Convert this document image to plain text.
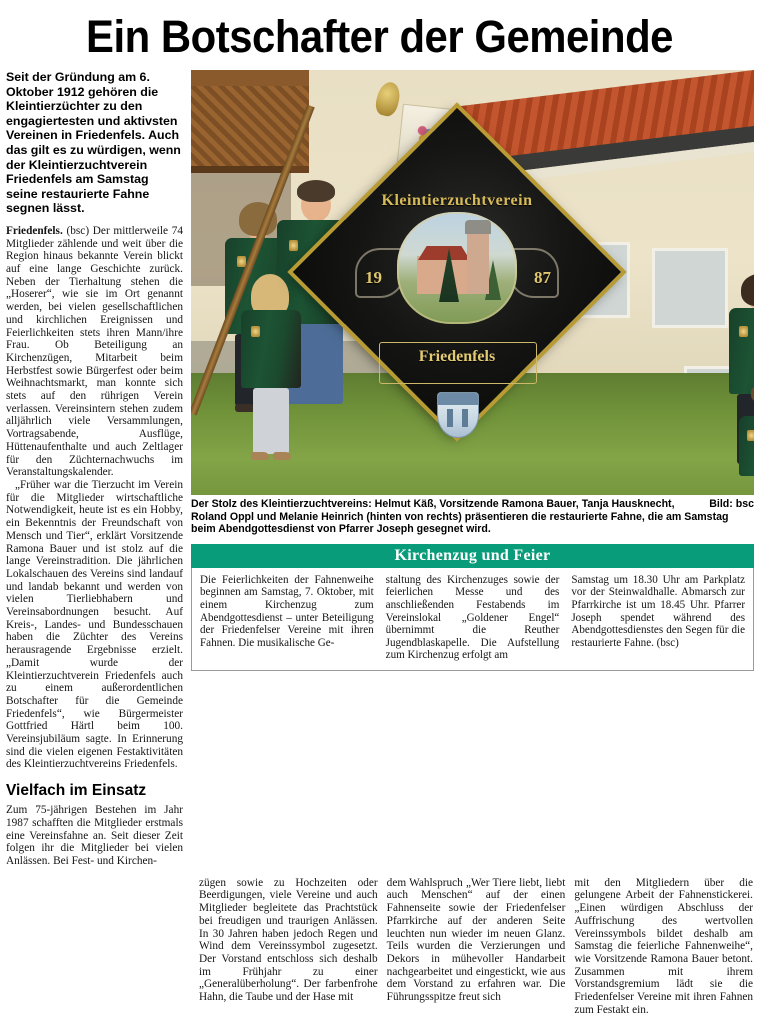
Ein Botschafter der Gemeinde

Seit der Gründung am 6. Oktober 1912 gehören die Kleintierzüchter zu den engagiertesten und aktivsten Vereinen in Friedenfels. Auch das gilt es zu würdigen, wenn der Kleintierzuchtverein Friedenfels am Samstag seine restaurierte Fahne segnen lässt.

Friedenfels. (bsc) Der mittlerweile 74 Mitglieder zählende und weit über die Region hinaus bekannte Verein blickt auf eine lange Geschichte zurück. Neben der Tierhaltung stehen die „Hoserer“, wie sie im Ort genannt werden, bei vielen gesellschaftlichen und kirchlichen Ereignissen und Feierlichkeiten stets ihren Mann/ihre Frau. Ob Beteiligung an Kirchenzügen, Mitarbeit beim Herbstfest sowie Bürgerfest oder beim Weihnachtsmarkt, man konnte sich stets auf den rührigen Verein verlassen. Vereinsintern stehen zudem alljährlich viele Versammlungen, Vortragsabende, Ausflüge, Hüttenaufenthalte und auch Zeltlager für den Züchternachwuchs im Veranstaltungskalender.

„Früher war die Tierzucht im Verein für die Mitglieder wirtschaftliche Notwendigkeit, heute ist es ein Hobby, ein Bekenntnis der Freundschaft von Mensch und Tier“, erklärt Vorsitzende Ramona Bauer und ist stolz auf die lange Vereinstradition. Die jährlichen Lokalschauen des Vereins sind landauf und landab bekannt und werden von vielen Tierliebhabern und Vereinsabordnungen besucht. Auf Kreis-, Landes- und Bundesschauen haben die Züchter des Vereins herausragende Ergebnisse erzielt. „Damit wurde der Kleintierzuchtverein Friedenfels auch zu einem außerordentlichen Botschafter für die Gemeinde Friedenfels“, wie Bürgermeister Gottfried Härtl beim 100. Vereinsjubiläum sagte. In Erinnerung sind die vielen eigenen Festaktivitäten des Kleintierzuchtvereins Friedenfels.

Vielfach im Einsatz

Zum 75-jährigen Bestehen im Jahr 1987 schafften die Mitglieder erstmals eine Vereinsfahne an. Seit dieser Zeit folgen ihr die Mitglieder bei vielen Anlässen. Bei Fest- und Kirchen-

Kleintierzuchtverein
19	87
Friedenfels
Bild: bsc
Der Stolz des Kleintierzuchtvereins: Helmut Käß, Vorsitzende Ramona Bauer, Tanja Hausknecht, Roland Oppl und Melanie Heinrich (hinten von rechts) präsentieren die restaurierte Fahne, die am Samstag beim Abendgottesdienst von Pfarrer Joseph gesegnet wird.
Kirchenzug und Feier

Die Feierlichkeiten der Fahnenweihe beginnen am Samstag, 7. Oktober, mit einem Kirchenzug zum Abendgottesdienst – unter Beteiligung der Friedenfelser Vereine mit ihren Fahnen. Die musikalische Ge-

staltung des Kirchenzuges sowie der feierlichen Messe und des anschließenden Festabends im Vereinslokal „Goldener Engel“ übernimmt die Reuther Jugendblaskapelle. Die Aufstellung zum Kirchenzug erfolgt am

Samstag um 18.30 Uhr am Parkplatz vor der Steinwaldhalle. Abmarsch zur Pfarrkirche ist um 18.45 Uhr. Pfarrer Joseph spendet während des Abendgottesdienstes den Segen für die restaurierte Fahne. (bsc)

zügen sowie zu Hochzeiten oder Beerdigungen, viele Vereine und auch Mitglieder begleitete das Prachtstück bei freudigen und traurigen Anlässen. In 30 Jahren haben jedoch Regen und Wind dem Vereinssymbol zugesetzt. Der Vorstand entschloss sich deshalb im Frühjahr zu einer „Generalüberholung“. Der farbenfrohe Hahn, die Taube und der Hase mit

dem Wahlspruch „Wer Tiere liebt, liebt auch Menschen“ auf der einen Fahnenseite sowie der Friedenfelser Pfarrkirche auf der anderen Seite leuchten nun wieder im neuen Glanz. Teils wurden die Verzierungen und Dekors in mühevoller Handarbeit nachgearbeitet und eingestickt, wie aus dem Vorstand zu erfahren war. Die Führungsspitze freut sich

mit den Mitgliedern über die gelungene Arbeit der Fahnenstickerei. „Einen würdigen Abschluss der Auffrischung des wertvollen Vereinssymbols bildet deshalb am Samstag die feierliche Fahnenweihe“, wie Vorsitzende Ramona Bauer betont. Zusammen mit ihrem Vorstandsgremium lädt sie die Friedenfelser Vereine mit ihren Fahnen zum Festakt ein.
